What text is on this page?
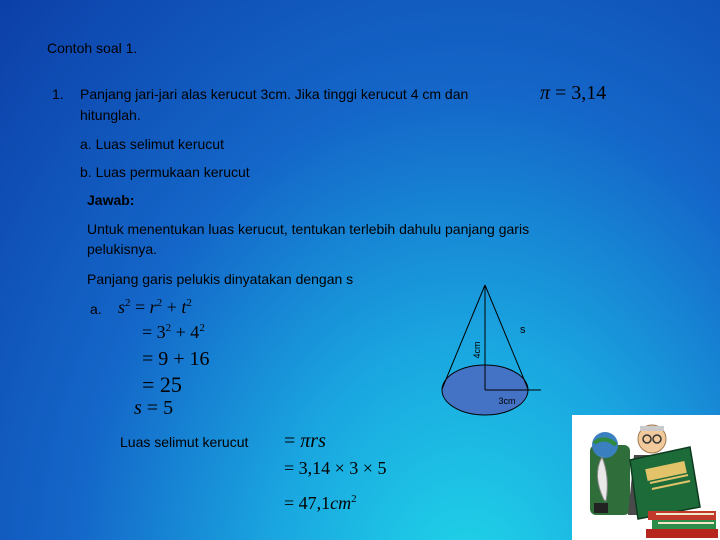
Contoh soal 1.
1. Panjang jari-jari alas kerucut 3cm. Jika tinggi kerucut 4 cm dan	π = 3,14
hitunglah.
a. Luas selimut kerucut
b. Luas permukaan kerucut
Jawab:
Untuk menentukan luas kerucut, tentukan terlebih dahulu panjang garis
pelukisnya.
Panjang garis pelukis dinyatakan dengan s
a. $s^2 = r^2 + t^2$
= $3^2 + 4^2$
= 9 + 16
= 25
s = 5
Luas selimut kerucut = πrs
= 3,14 × 3 × 5
= $47,1cm^2$
4cm
s
3cm
